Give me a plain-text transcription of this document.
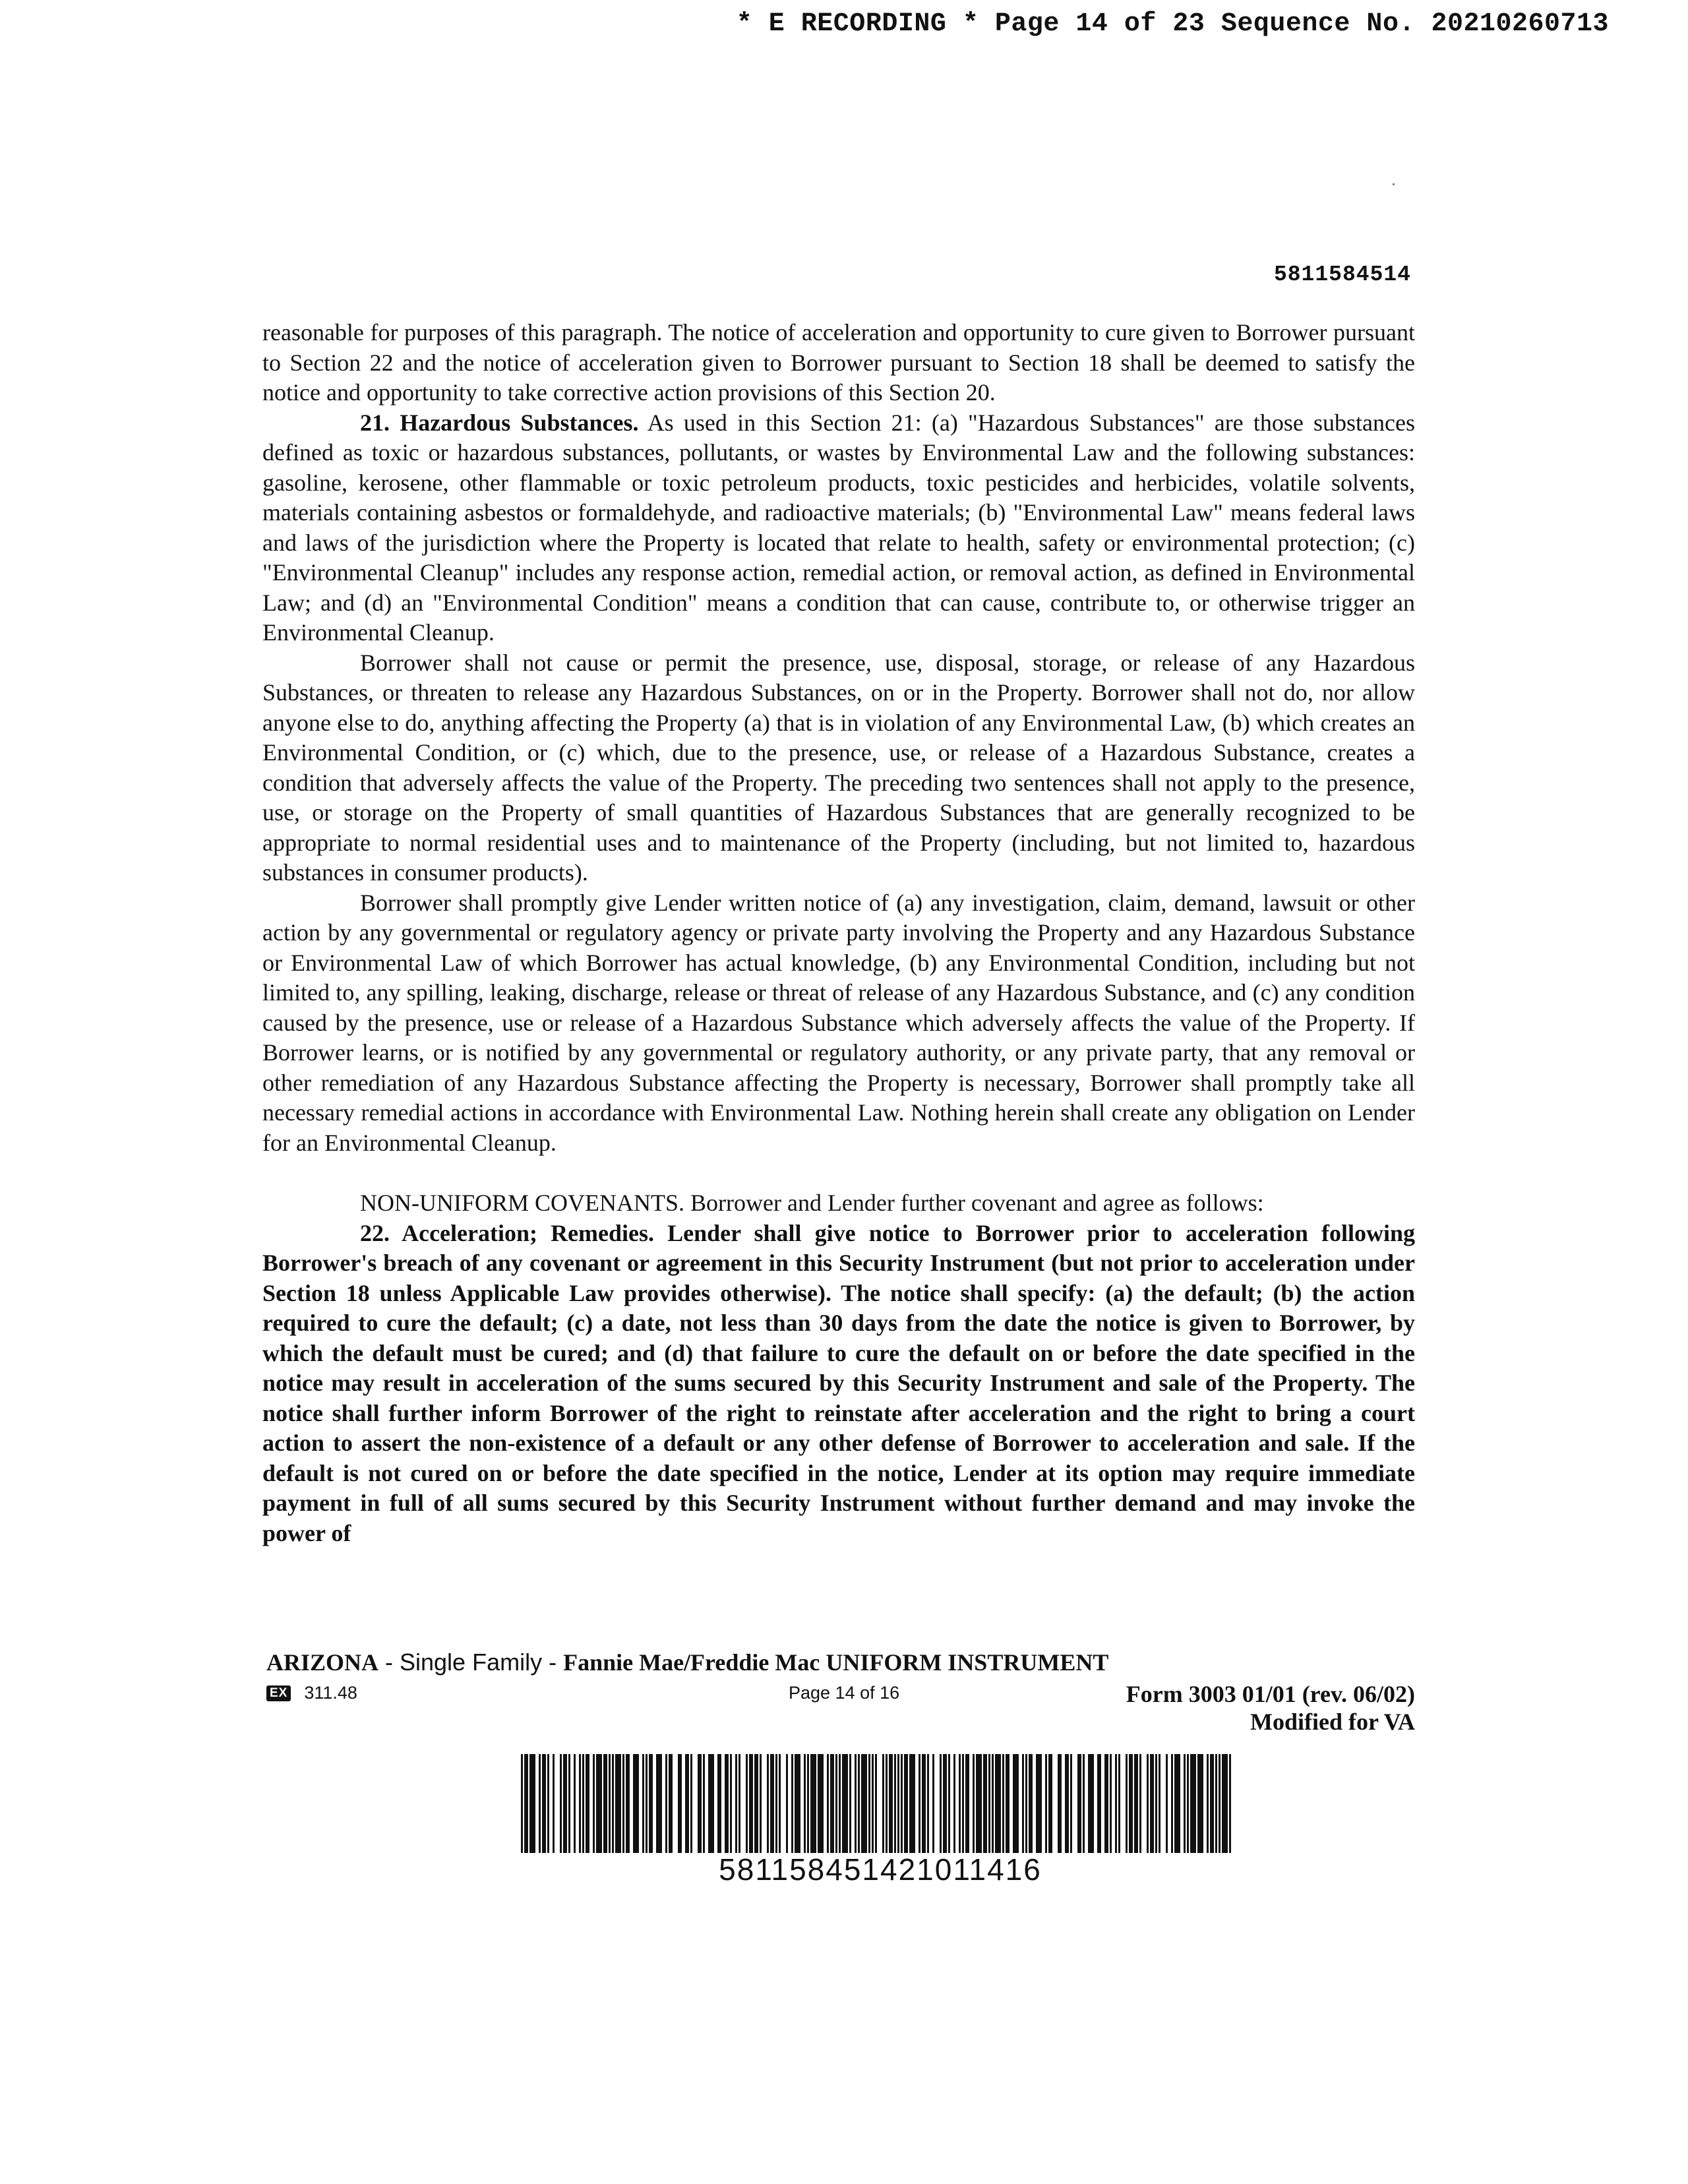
* E RECORDING * Page 14 of 23 Sequence No. 20210260713
5811584514

reasonable for purposes of this paragraph. The notice of acceleration and opportunity to cure given to Borrower pursuant to Section 22 and the notice of acceleration given to Borrower pursuant to Section 18 shall be deemed to satisfy the notice and opportunity to take corrective action provisions of this Section 20.

21. Hazardous Substances. As used in this Section 21: (a) "Hazardous Substances" are those substances defined as toxic or hazardous substances, pollutants, or wastes by Environmental Law and the following substances: gasoline, kerosene, other flammable or toxic petroleum products, toxic pesticides and herbicides, volatile solvents, materials containing asbestos or formaldehyde, and radioactive materials; (b) "Environmental Law" means federal laws and laws of the jurisdiction where the Property is located that relate to health, safety or environmental protection; (c) "Environmental Cleanup" includes any response action, remedial action, or removal action, as defined in Environmental Law; and (d) an "Environmental Condition" means a condition that can cause, contribute to, or otherwise trigger an Environmental Cleanup.

Borrower shall not cause or permit the presence, use, disposal, storage, or release of any Hazardous Substances, or threaten to release any Hazardous Substances, on or in the Property. Borrower shall not do, nor allow anyone else to do, anything affecting the Property (a) that is in violation of any Environmental Law, (b) which creates an Environmental Condition, or (c) which, due to the presence, use, or release of a Hazardous Substance, creates a condition that adversely affects the value of the Property. The preceding two sentences shall not apply to the presence, use, or storage on the Property of small quantities of Hazardous Substances that are generally recognized to be appropriate to normal residential uses and to maintenance of the Property (including, but not limited to, hazardous substances in consumer products).

Borrower shall promptly give Lender written notice of (a) any investigation, claim, demand, lawsuit or other action by any governmental or regulatory agency or private party involving the Property and any Hazardous Substance or Environmental Law of which Borrower has actual knowledge, (b) any Environmental Condition, including but not limited to, any spilling, leaking, discharge, release or threat of release of any Hazardous Substance, and (c) any condition caused by the presence, use or release of a Hazardous Substance which adversely affects the value of the Property. If Borrower learns, or is notified by any governmental or regulatory authority, or any private party, that any removal or other remediation of any Hazardous Substance affecting the Property is necessary, Borrower shall promptly take all necessary remedial actions in accordance with Environmental Law. Nothing herein shall create any obligation on Lender for an Environmental Cleanup.

NON-UNIFORM COVENANTS. Borrower and Lender further covenant and agree as follows:

22. Acceleration; Remedies. Lender shall give notice to Borrower prior to acceleration following Borrower's breach of any covenant or agreement in this Security Instrument (but not prior to acceleration under Section 18 unless Applicable Law provides otherwise). The notice shall specify: (a) the default; (b) the action required to cure the default; (c) a date, not less than 30 days from the date the notice is given to Borrower, by which the default must be cured; and (d) that failure to cure the default on or before the date specified in the notice may result in acceleration of the sums secured by this Security Instrument and sale of the Property. The notice shall further inform Borrower of the right to reinstate after acceleration and the right to bring a court action to assert the non-existence of a default or any other defense of Borrower to acceleration and sale. If the default is not cured on or before the date specified in the notice, Lender at its option may require immediate payment in full of all sums secured by this Security Instrument without further demand and may invoke the power of

ARIZONA - Single Family - Fannie Mae/Freddie Mac UNIFORM INSTRUMENT
EX 311.48	Page 14 of 16	Form 3003 01/01 (rev. 06/02)
Modified for VA
581158451421011416
